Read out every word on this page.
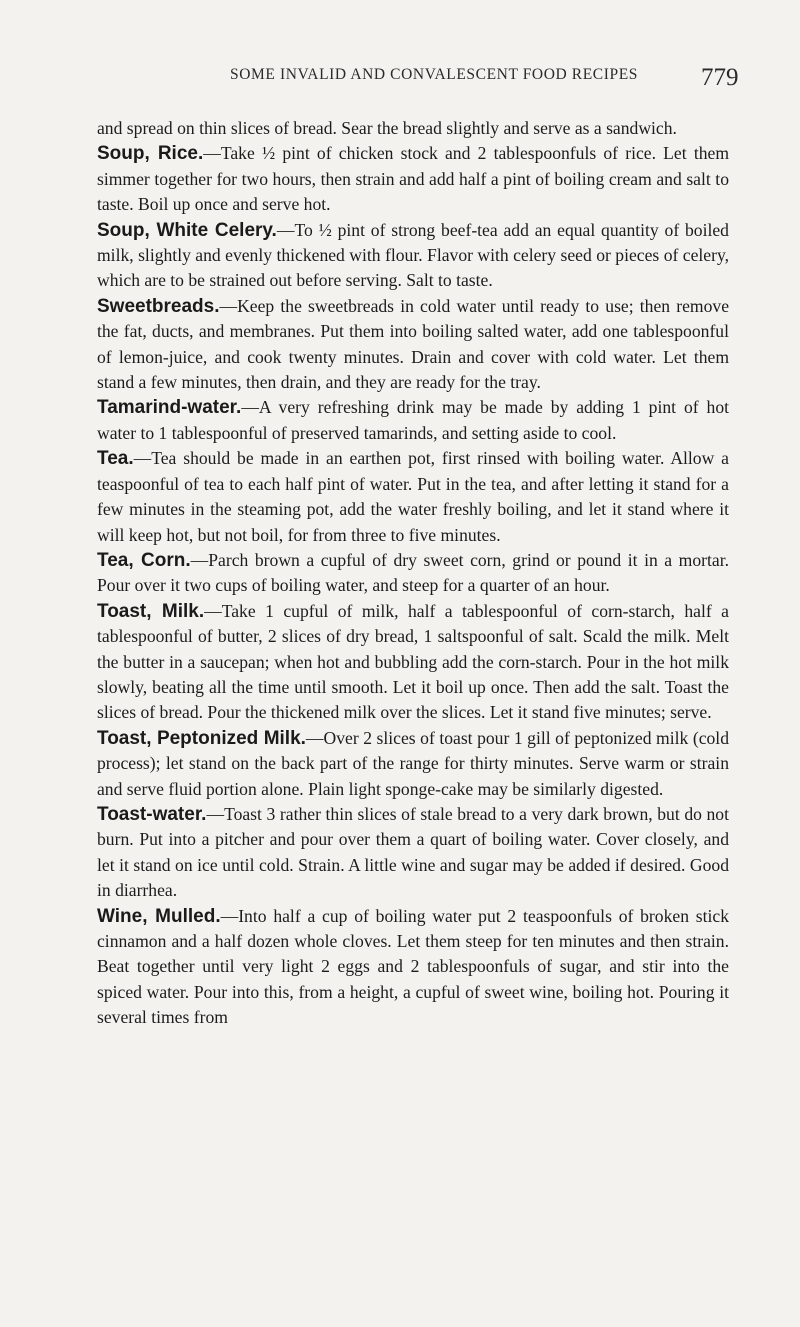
SOME INVALID AND CONVALESCENT FOOD RECIPES	779

and spread on thin slices of bread. Sear the bread slightly and serve as a sandwich.

Soup, Rice.—Take ½ pint of chicken stock and 2 tablespoonfuls of rice. Let them simmer together for two hours, then strain and add half a pint of boiling cream and salt to taste. Boil up once and serve hot.

Soup, White Celery.—To ½ pint of strong beef-tea add an equal quantity of boiled milk, slightly and evenly thickened with flour. Flavor with celery seed or pieces of celery, which are to be strained out before serving. Salt to taste.

Sweetbreads.—Keep the sweetbreads in cold water until ready to use; then remove the fat, ducts, and membranes. Put them into boiling salted water, add one tablespoonful of lemon-juice, and cook twenty minutes. Drain and cover with cold water. Let them stand a few minutes, then drain, and they are ready for the tray.

Tamarind-water.—A very refreshing drink may be made by adding 1 pint of hot water to 1 tablespoonful of preserved tamarinds, and setting aside to cool.

Tea.—Tea should be made in an earthen pot, first rinsed with boiling water. Allow a teaspoonful of tea to each half pint of water. Put in the tea, and after letting it stand for a few minutes in the steaming pot, add the water freshly boiling, and let it stand where it will keep hot, but not boil, for from three to five minutes.

Tea, Corn.—Parch brown a cupful of dry sweet corn, grind or pound it in a mortar. Pour over it two cups of boiling water, and steep for a quarter of an hour.

Toast, Milk.—Take 1 cupful of milk, half a tablespoonful of corn-starch, half a tablespoonful of butter, 2 slices of dry bread, 1 saltspoonful of salt. Scald the milk. Melt the butter in a saucepan; when hot and bubbling add the corn-starch. Pour in the hot milk slowly, beating all the time until smooth. Let it boil up once. Then add the salt. Toast the slices of bread. Pour the thickened milk over the slices. Let it stand five minutes; serve.

Toast, Peptonized Milk.—Over 2 slices of toast pour 1 gill of peptonized milk (cold process); let stand on the back part of the range for thirty minutes. Serve warm or strain and serve fluid portion alone. Plain light sponge-cake may be similarly digested.

Toast-water.—Toast 3 rather thin slices of stale bread to a very dark brown, but do not burn. Put into a pitcher and pour over them a quart of boiling water. Cover closely, and let it stand on ice until cold. Strain. A little wine and sugar may be added if desired. Good in diarrhea.

Wine, Mulled.—Into half a cup of boiling water put 2 teaspoonfuls of broken stick cinnamon and a half dozen whole cloves. Let them steep for ten minutes and then strain. Beat together until very light 2 eggs and 2 tablespoonfuls of sugar, and stir into the spiced water. Pour into this, from a height, a cupful of sweet wine, boiling hot. Pouring it several times from
